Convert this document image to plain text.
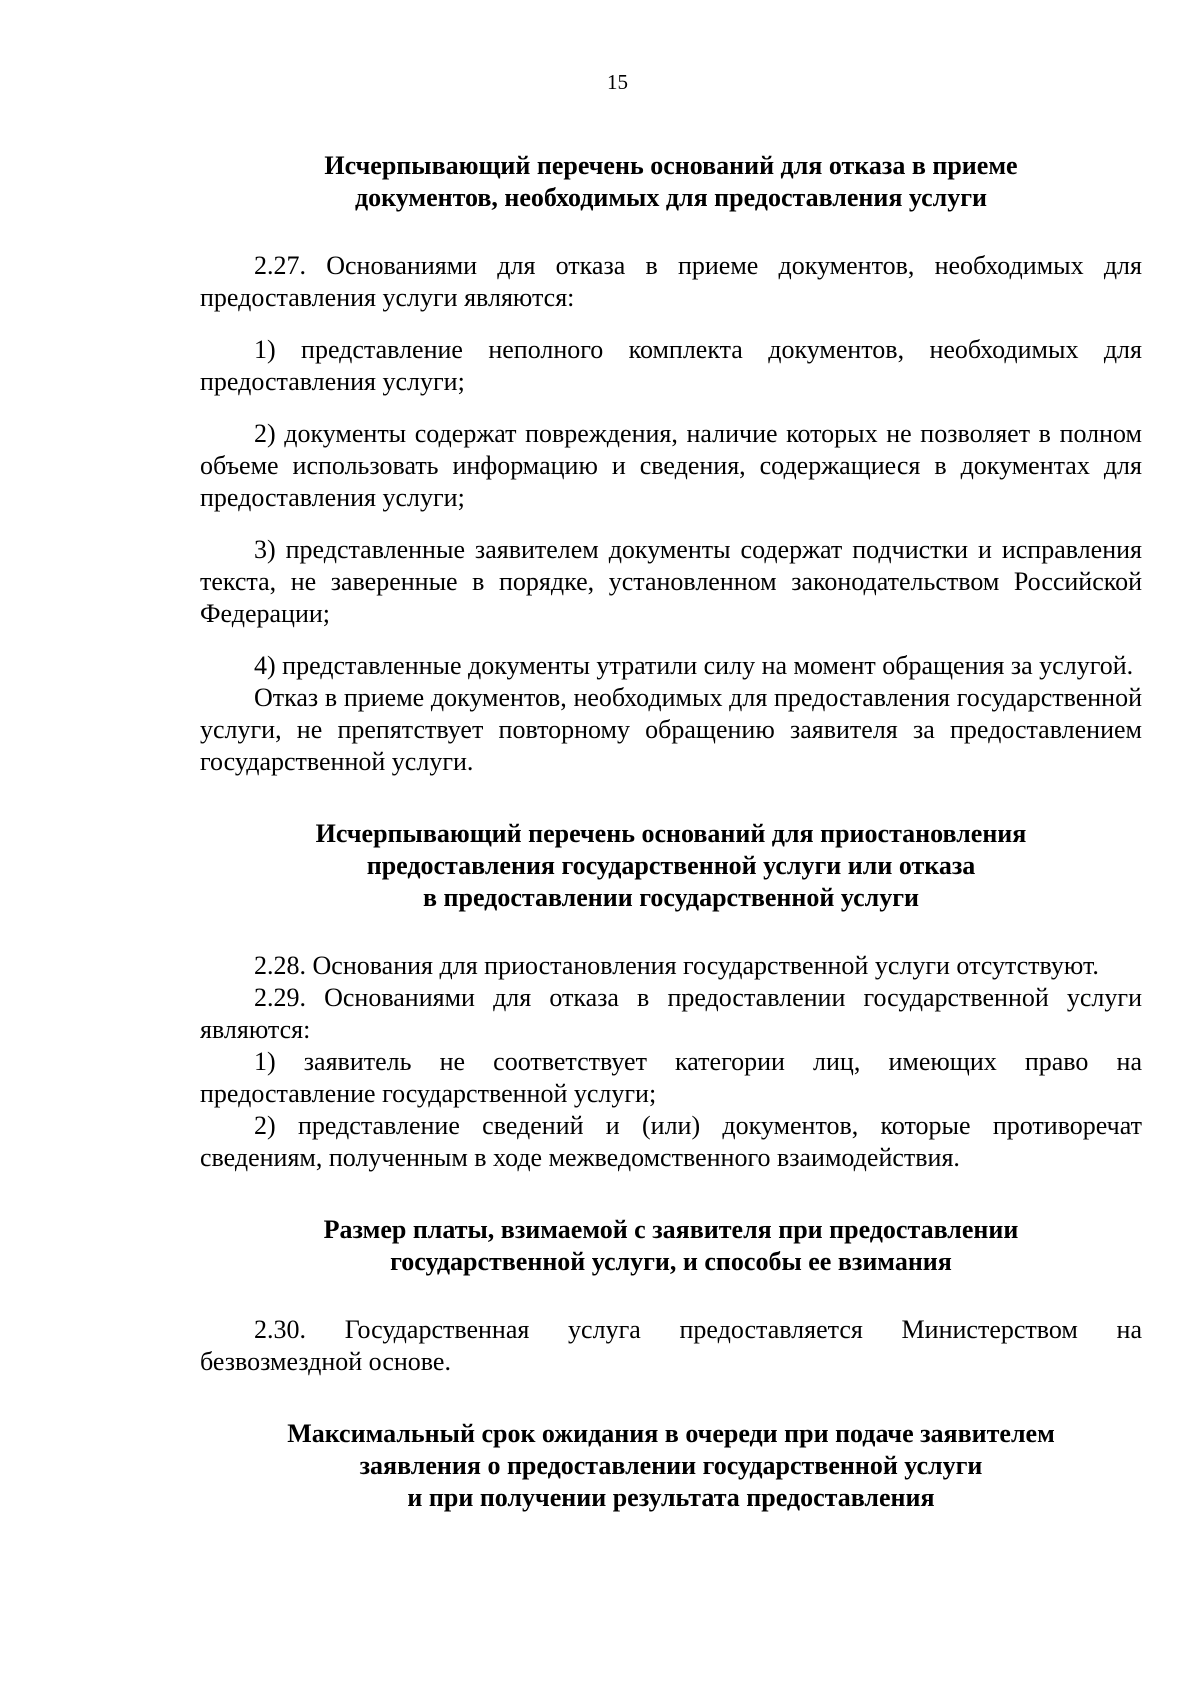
15
Исчерпывающий перечень оснований для отказа в приеме
документов, необходимых для предоставления услуги

2.27. Основаниями для отказа в приеме документов, необходимых для предоставления услуги являются:

1) представление неполного комплекта документов, необходимых для предоставления услуги;

2) документы содержат повреждения, наличие которых не позволяет в полном объеме использовать информацию и сведения, содержащиеся в документах для предоставления услуги;

3) представленные заявителем документы содержат подчистки и исправления текста, не заверенные в порядке, установленном законодательством Российской Федерации;

4) представленные документы утратили силу на момент обращения за услугой.

Отказ в приеме документов, необходимых для предоставления государственной услуги, не препятствует повторному обращению заявителя за предоставлением государственной услуги.

Исчерпывающий перечень оснований для приостановления
предоставления государственной услуги или отказа
в предоставлении государственной услуги

2.28. Основания для приостановления государственной услуги отсутствуют.

2.29. Основаниями для отказа в предоставлении государственной услуги являются:

1) заявитель не соответствует категории лиц, имеющих право на предоставление государственной услуги;

2) представление сведений и (или) документов, которые противоречат сведениям, полученным в ходе межведомственного взаимодействия.

Размер платы, взимаемой с заявителя при предоставлении
государственной услуги, и способы ее взимания

2.30. Государственная услуга предоставляется Министерством на безвозмездной основе.

Максимальный срок ожидания в очереди при подаче заявителем
заявления о предоставлении государственной услуги
и при получении результата предоставления
